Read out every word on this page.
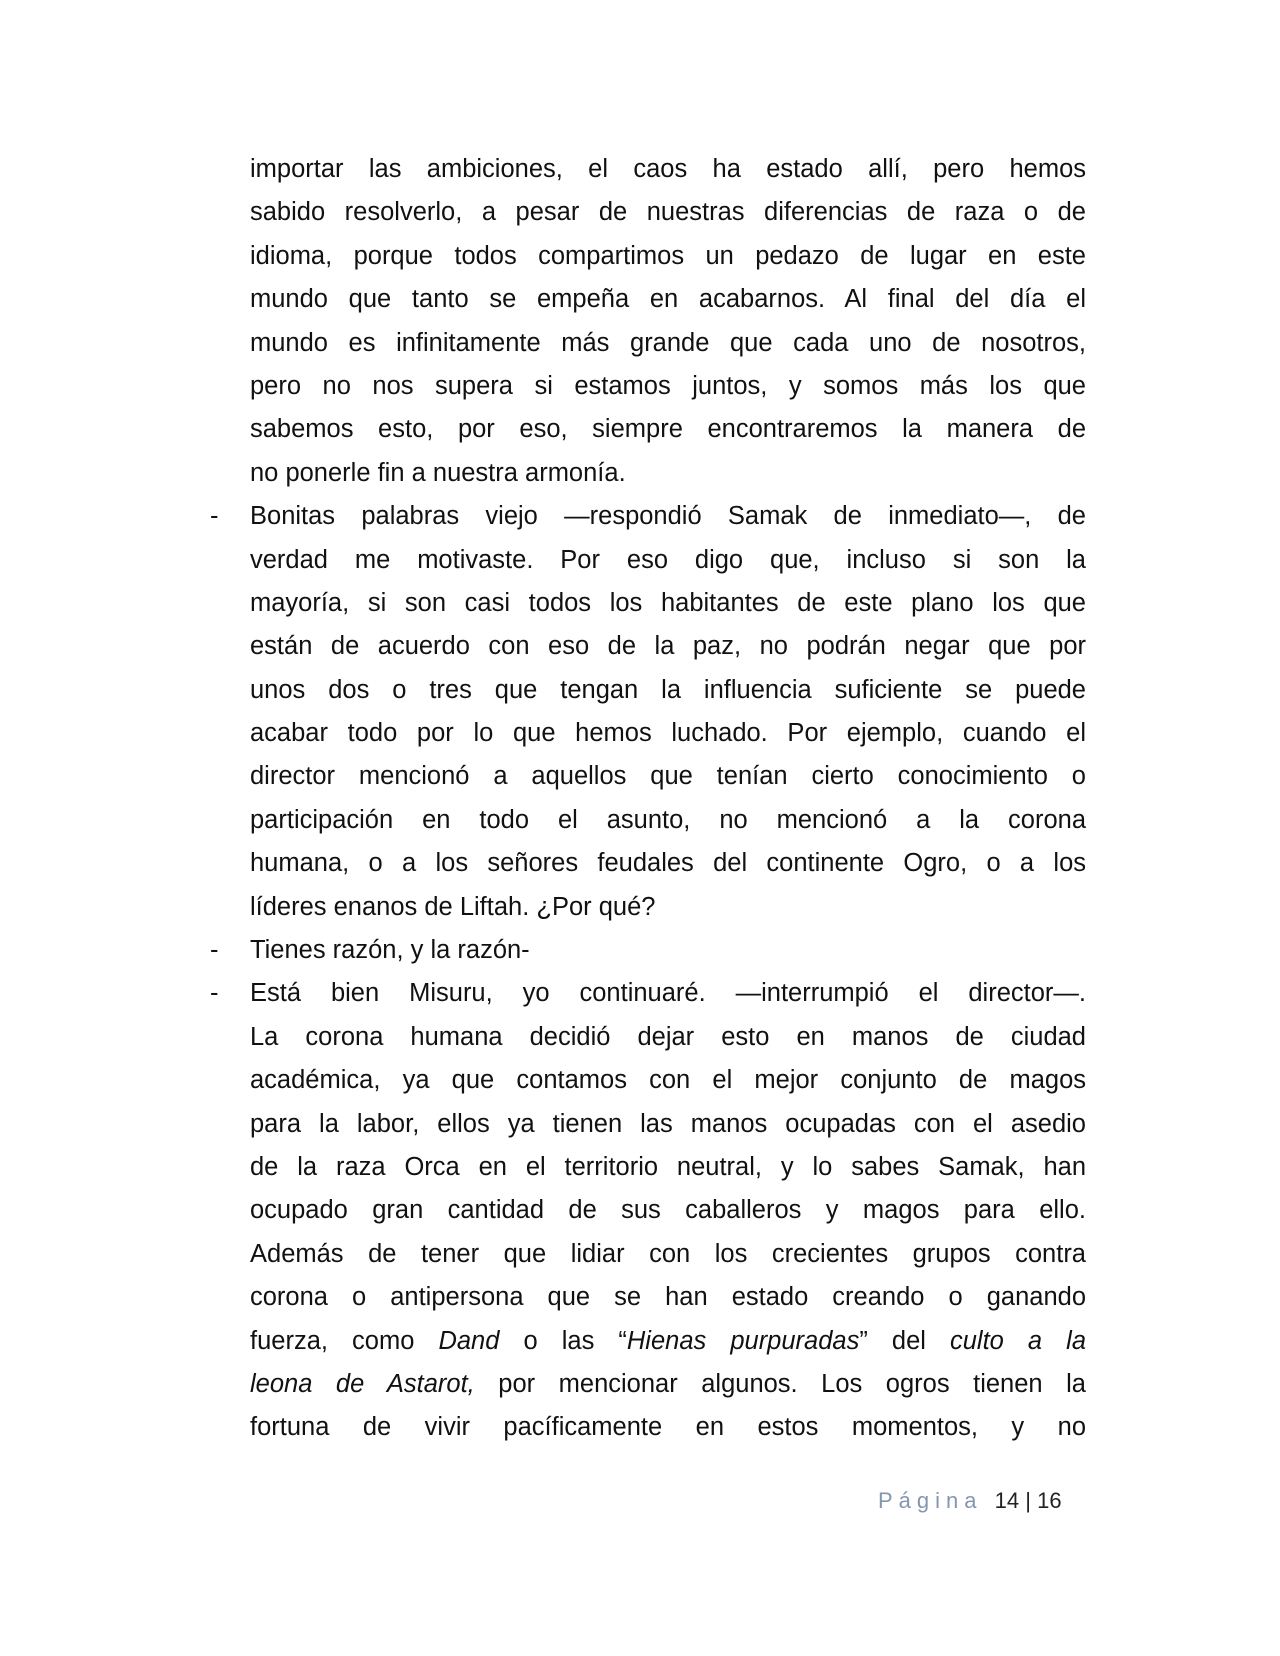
importar las ambiciones, el caos ha estado allí, pero hemos
sabido resolverlo, a pesar de nuestras diferencias de raza o de
idioma, porque todos compartimos un pedazo de lugar en este
mundo que tanto se empeña en acabarnos. Al final del día el
mundo es infinitamente más grande que cada uno de nosotros,
pero no nos supera si estamos juntos, y somos más los que
sabemos esto, por eso, siempre encontraremos la manera de
no ponerle fin a nuestra armonía.
- Bonitas palabras viejo —respondió Samak de inmediato—, de
verdad me motivaste. Por eso digo que, incluso si son la
mayoría, si son casi todos los habitantes de este plano los que
están de acuerdo con eso de la paz, no podrán negar que por
unos dos o tres que tengan la influencia suficiente se puede
acabar todo por lo que hemos luchado. Por ejemplo, cuando el
director mencionó a aquellos que tenían cierto conocimiento o
participación en todo el asunto, no mencionó a la corona
humana, o a los señores feudales del continente Ogro, o a los
líderes enanos de Liftah. ¿Por qué?
- Tienes razón, y la razón-
- Está bien Misuru, yo continuaré. —interrumpió el director—.
La corona humana decidió dejar esto en manos de ciudad
académica, ya que contamos con el mejor conjunto de magos
para la labor, ellos ya tienen las manos ocupadas con el asedio
de la raza Orca en el territorio neutral, y lo sabes Samak, han
ocupado gran cantidad de sus caballeros y magos para ello.
Además de tener que lidiar con los crecientes grupos contra
corona o antipersona que se han estado creando o ganando
fuerza, como Dand o las “Hienas purpuradas” del culto a la
leona de Astarot, por mencionar algunos. Los ogros tienen la
fortuna de vivir pacíficamente en estos momentos, y no
Página 14 | 16
